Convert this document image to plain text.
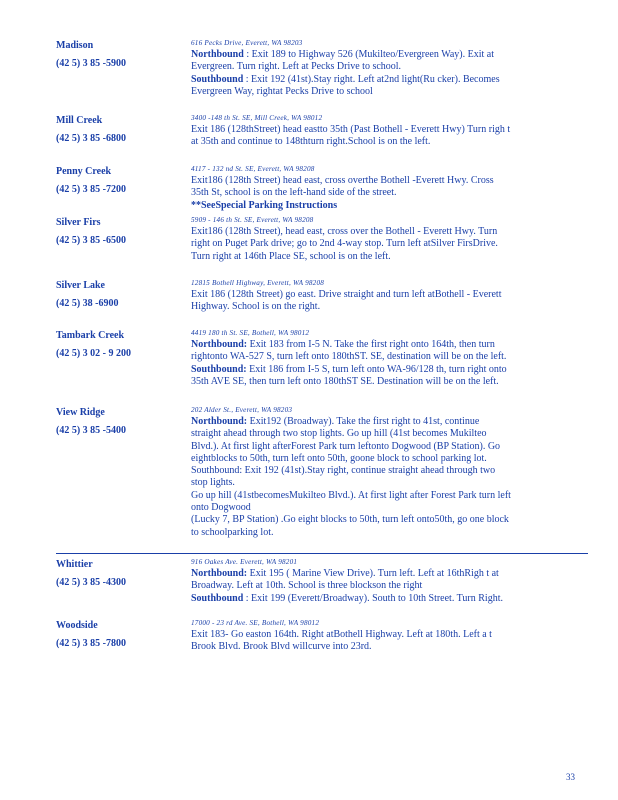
Madison
(42 5) 3 85 -5900
616 Pecks Drive, Everett, WA 98203
Northbound : Exit 189 to Highway 526 (Mukilteo/Evergreen Way). Exit at
Evergreen. Turn right. Left at Pecks Drive to school.
Southbound : Exit 192 (41st).Stay right. Left at2nd light(Ru cker). Becomes
Evergreen Way, rightat Pecks Drive to school
Mill Creek
(42 5) 3 85 -6800
3400 -148 th St. SE, Mill Creek, WA 98012
Exit 186 (128thStreet) head eastto 35th (Past Bothell - Everett Hwy) Turn righ t
at 35th and continue to 148thturn right.School is on the left.
Penny Creek
(42 5) 3 85 -7200
4117 - 132 nd St. SE, Everett, WA 98208
Exit186 (128th Street) head east, cross overthe Bothell -Everett Hwy. Cross
35th St, school is on the left-hand side of the street.
**SeeSpecial Parking Instructions
Silver Firs
(42 5) 3 85 -6500
5909 - 146 th St. SE, Everett, WA 98208
Exit186 (128th Street), head east, cross over the Bothell - Everett Hwy. Turn
right on Puget Park drive; go to 2nd 4-way stop. Turn left atSilver FirsDrive.
Turn right at 146th Place SE, school is on the left.
Silver Lake
(42 5) 38 -6900
12815 Bothell Highway, Everett, WA 98208
Exit 186 (128th Street) go east. Drive straight and turn left atBothell - Everett
Highway. School is on the right.
Tambark Creek
(42 5) 3 02 - 9 200
4419 180 th St. SE, Bothell, WA 98012
Northbound: Exit 183 from I-5 N. Take the first right onto 164th, then turn
rightonto WA-527 S, turn left onto 180thST. SE, destination will be on the left.
Southbound: Exit 186 from I-5 S, turn left onto WA-96/128 th, turn right onto
35th AVE SE, then turn left onto 180thST SE. Destination will be on the left.
View Ridge
(42 5) 3 85 -5400
202 Alder St., Everett, WA 98203
Northbound: Exit192 (Broadway). Take the first right to 41st, continue
straight ahead through two stop lights. Go up hill (41st becomes Mukilteo
Blvd.). At first light afterForest Park turn leftonto Dogwood (BP Station). Go
eightblocks to 50th, turn left onto 50th, goone block to school parking lot.
Southbound: Exit 192 (41st).Stay right, continue straight ahead through two
stop lights.
Go up hill (41stbecomesMukilteo Blvd.). At first light after Forest Park turn left
onto Dogwood
(Lucky 7, BP Station) .Go eight blocks to 50th, turn left onto50th, go one block
to schoolparking lot.
Whittier
(42 5) 3 85 -4300
916 Oakes Ave. Everett, WA 98201
Northbound: Exit 195 ( Marine View Drive). Turn left. Left at 16thRigh t at
Broadway. Left at 10th. School is three blockson the right
Southbound : Exit 199 (Everett/Broadway). South to 10th Street. Turn Right.
Woodside
(42 5) 3 85 -7800
17000 - 23 rd Ave. SE, Bothell, WA 98012
Exit 183- Go easton 164th. Right atBothell Highway. Left at 180th. Left a t
Brook Blvd. Brook Blvd willcurve into 23rd.
33
